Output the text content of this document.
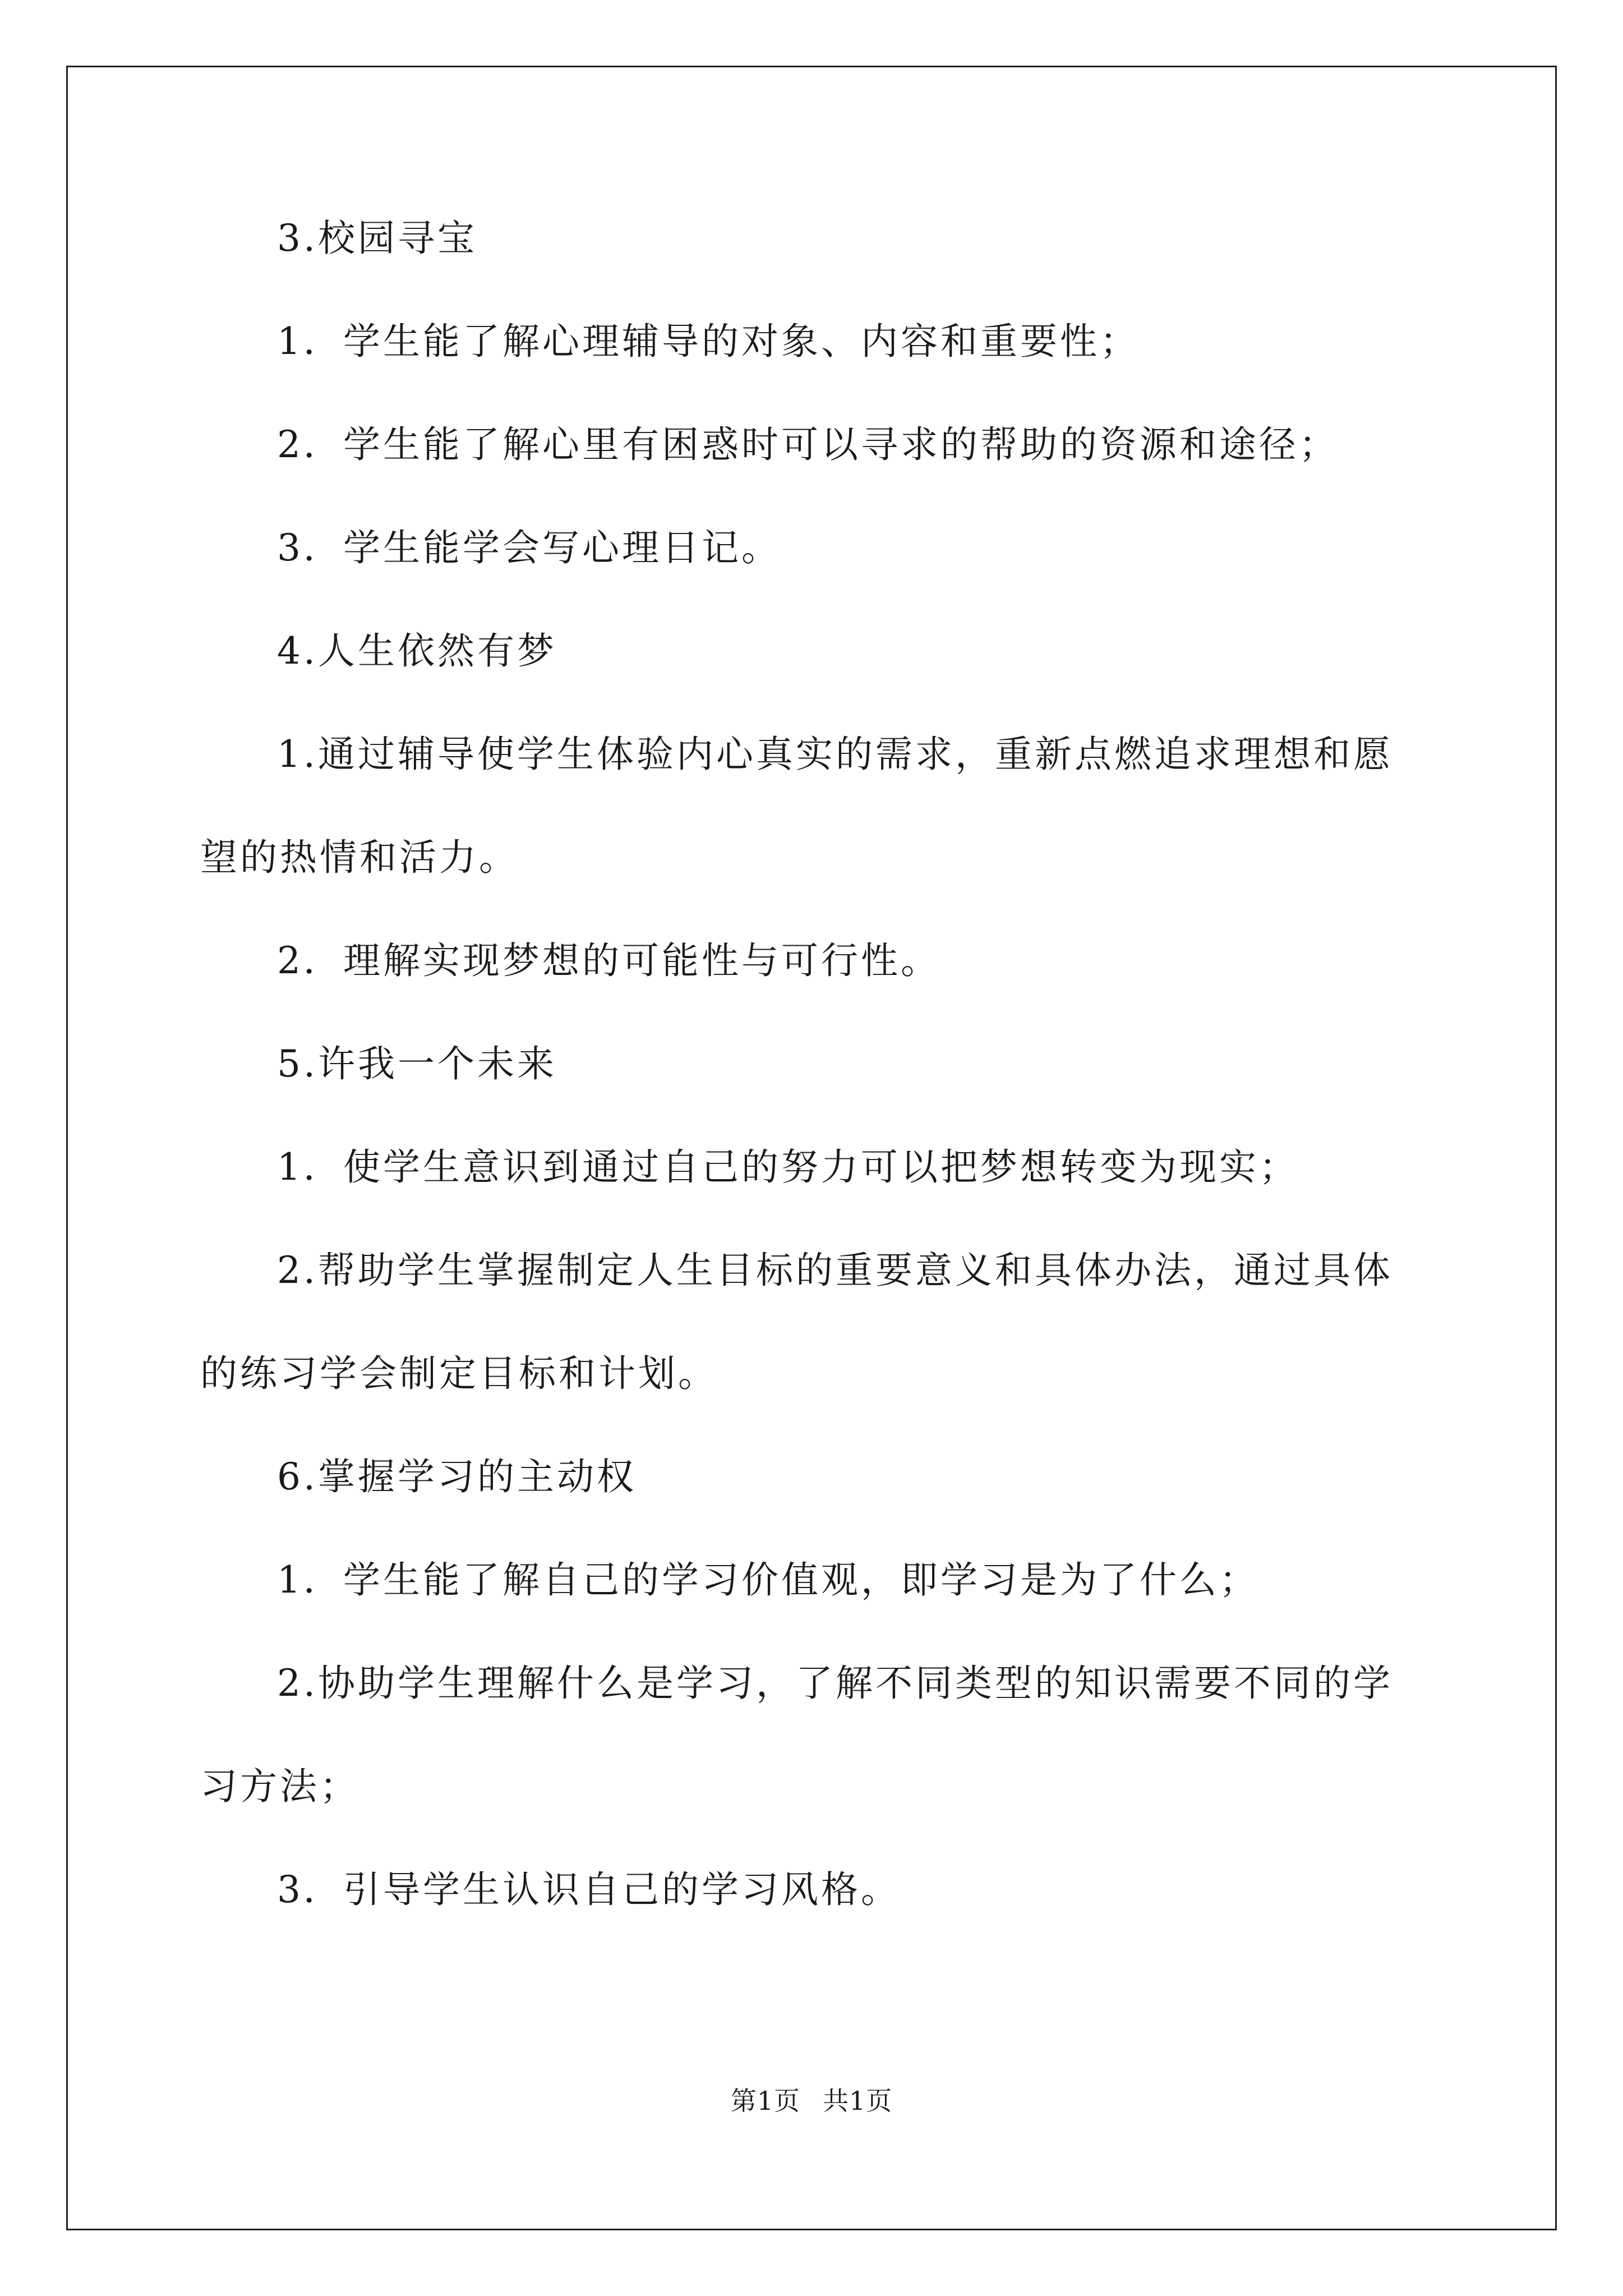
3.校园寻宝
1．学生能了解心理辅导的对象、内容和重要性；
2．学生能了解心里有困惑时可以寻求的帮助的资源和途径；
3．学生能学会写心理日记。
4.人生依然有梦
1.通过辅导使学生体验内心真实的需求，重新点燃追求理想和愿
望的热情和活力。
2．理解实现梦想的可能性与可行性。
5.许我一个未来
1．使学生意识到通过自己的努力可以把梦想转变为现实；
2.帮助学生掌握制定人生目标的重要意义和具体办法，通过具体
的练习学会制定目标和计划。
6.掌握学习的主动权
1．学生能了解自己的学习价值观，即学习是为了什么；
2.协助学生理解什么是学习，了解不同类型的知识需要不同的学
习方法；
3．引导学生认识自己的学习风格。
第1页 共1页
